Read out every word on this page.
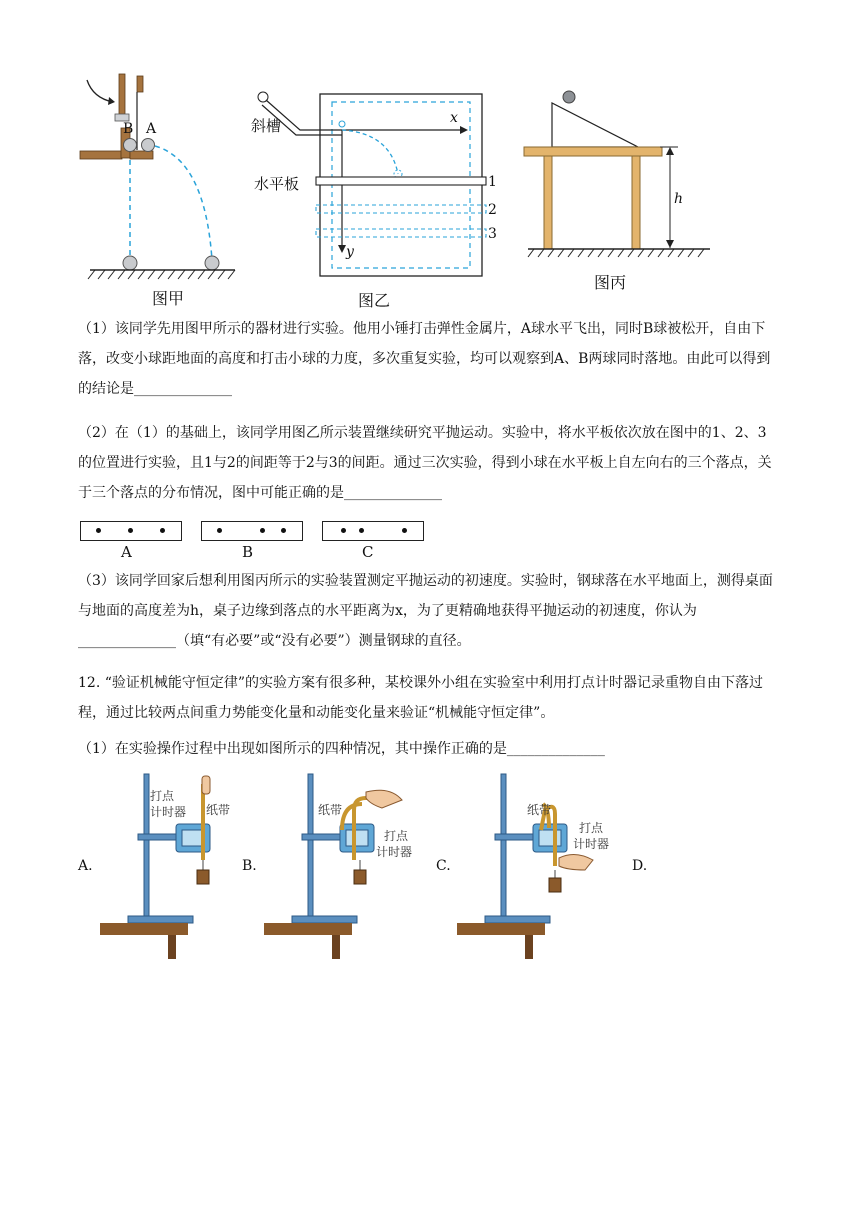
B A
图甲
x
y
1
2
3
斜槽
水平板
图乙
h
图丙
（1）该同学先用图甲所示的器材进行实验。他用小锤打击弹性金属片，A球水平飞出，同时B球被松开，自由下落，改变小球距地面的高度和打击小球的力度，多次重复实验，均可以观察到A、B两球同时落地。由此可以得到的结论是______________
（2）在（1）的基础上，该同学用图乙所示装置继续研究平抛运动。实验中，将水平板依次放在图中的1、2、3的位置进行实验，且1与2的间距等于2与3的间距。通过三次实验，得到小球在水平板上自左向右的三个落点，关于三个落点的分布情况，图中可能正确的是______________
A	B	C
（3）该同学回家后想利用图丙所示的实验装置测定平抛运动的初速度。实验时，钢球落在水平地面上，测得桌面与地面的高度差为h，桌子边缘到落点的水平距离为x，为了更精确地获得平抛运动的初速度，你认为______________（填“有必要”或“没有必要”）测量钢球的直径。
12. “验证机械能守恒定律”的实验方案有很多种，某校课外小组在实验室中利用打点计时器记录重物自由下落过程，通过比较两点间重力势能变化量和动能变化量来验证“机械能守恒定律”。
（1）在实验操作过程中出现如图所示的四种情况，其中操作正确的是______________
A.
打点
计时器 纸带
B.
纸带
打点
计时器
C.
纸带
打点
计时器
D.
